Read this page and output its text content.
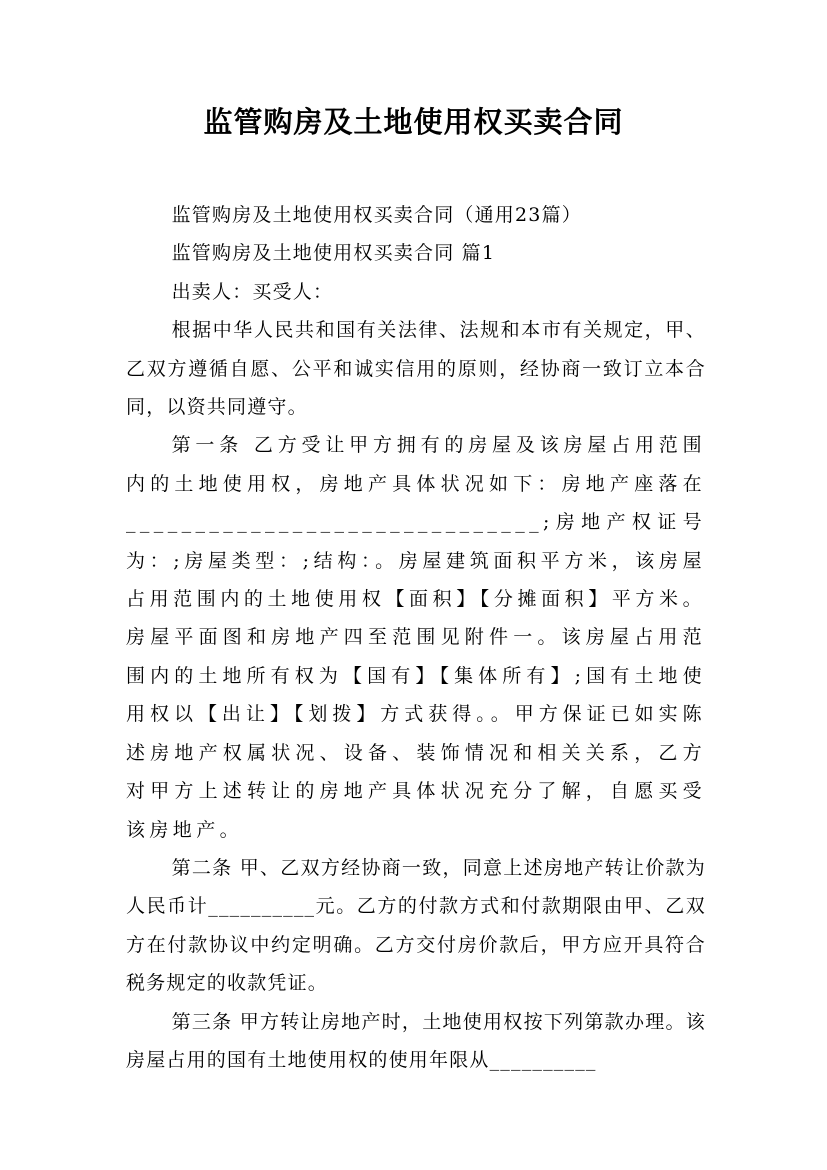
监管购房及土地使用权买卖合同

监管购房及土地使用权买卖合同（通用23篇）

监管购房及土地使用权买卖合同 篇1

出卖人：买受人：

根据中华人民共和国有关法律、法规和本市有关规定，甲、乙双方遵循自愿、公平和诚实信用的原则，经协商一致订立本合同，以资共同遵守。

第一条 乙方受让甲方拥有的房屋及该房屋占用范围内的土地使用权，房地产具体状况如下：房地产座落在______________________________;房地产权证号为：;房屋类型：;结构：。房屋建筑面积平方米，该房屋占用范围内的土地使用权【面积】【分摊面积】平方米。房屋平面图和房地产四至范围见附件一。该房屋占用范围内的土地所有权为【国有】【集体所有】;国有土地使用权以【出让】【划拨】方式获得。。甲方保证已如实陈述房地产权属状况、设备、装饰情况和相关关系，乙方对甲方上述转让的房地产具体状况充分了解，自愿买受该房地产。

第二条 甲、乙双方经协商一致，同意上述房地产转让价款为人民币计__________元。乙方的付款方式和付款期限由甲、乙双方在付款协议中约定明确。乙方交付房价款后，甲方应开具符合税务规定的收款凭证。

第三条 甲方转让房地产时，土地使用权按下列第款办理。该房屋占用的国有土地使用权的使用年限从__________
